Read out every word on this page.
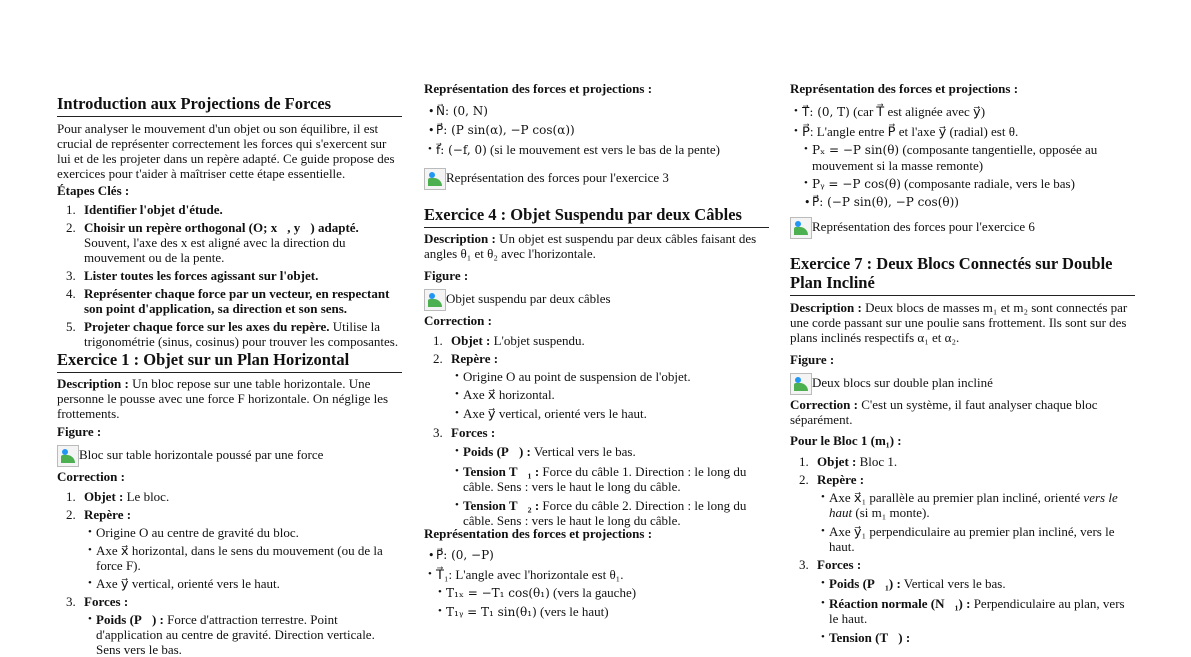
Introduction aux Projections de Forces

Pour analyser le mouvement d'un objet ou son équilibre, il est crucial de représenter correctement les forces qui s'exercent sur lui et de les projeter dans un repère adapté. Ce guide propose des exercices pour t'aider à maîtriser cette étape essentielle.

Étapes Clés :

1. Identifier l'objet d'étude.
2. Choisir un repère orthogonal (O; x⃗, y⃗) adapté. Souvent, l'axe des x est aligné avec la direction du mouvement ou de la pente.
3. Lister toutes les forces agissant sur l'objet.
4. Représenter chaque force par un vecteur, en respectant son point d'application, sa direction et son sens.
5. Projeter chaque force sur les axes du repère. Utilise la trigonométrie (sinus, cosinus) pour trouver les composantes.
Exercice 1 : Objet sur un Plan Horizontal

Description : Un bloc repose sur une table horizontale. Une personne le pousse avec une force F horizontale. On néglige les frottements.

Figure :

Bloc sur table horizontale poussé par une force

Correction :

1. Objet : Le bloc.
2. Repère :
• Origine O au centre de gravité du bloc.
• Axe x⃗ horizontal, dans le sens du mouvement (ou de la force F).
• Axe y⃗ vertical, orienté vers le haut.
3. Forces :
• Poids (P⃗) : Force d'attraction terrestre. Point d'application au centre de gravité. Direction verticale. Sens vers le bas.

Représentation des forces et projections :

• N⃗: (0, N)
• P⃗: (P sin(α), −P cos(α))
• f⃗: (−f, 0) (si le mouvement est vers le bas de la pente)
Représentation des forces pour l'exercice 3
Exercice 4 : Objet Suspendu par deux Câbles

Description : Un objet est suspendu par deux câbles faisant des angles θ₁ et θ₂ avec l'horizontale.

Figure :

Objet suspendu par deux câbles

Correction :

1. Objet : L'objet suspendu.
2. Repère :
• Origine O au point de suspension de l'objet.
• Axe x⃗ horizontal.
• Axe y⃗ vertical, orienté vers le haut.
3. Forces :
• Poids (P⃗) : Vertical vers le bas.
• Tension T⃗₁ : Force du câble 1. Direction : le long du câble. Sens : vers le haut le long du câble.
• Tension T⃗₂ : Force du câble 2. Direction : le long du câble. Sens : vers le haut le long du câble.

Représentation des forces et projections :

• P⃗: (0, −P)
• T⃗₁: L'angle avec l'horizontale est θ₁.
• T₁ₓ = −T₁ cos(θ₁) (vers la gauche)
• T₁ᵧ = T₁ sin(θ₁) (vers le haut)

Représentation des forces et projections :

• T⃗: (0, T) (car T⃗ est alignée avec y⃗)
• P⃗: L'angle entre P⃗ et l'axe y⃗ (radial) est θ.
• Pₓ = −P sin(θ) (composante tangentielle, opposée au mouvement si la masse remonte)
• Pᵧ = −P cos(θ) (composante radiale, vers le bas)
• P⃗: (−P sin(θ), −P cos(θ))
Représentation des forces pour l'exercice 6
Exercice 7 : Deux Blocs Connectés sur Double Plan Incliné

Description : Deux blocs de masses m₁ et m₂ sont connectés par une corde passant sur une poulie sans frottement. Ils sont sur des plans inclinés respectifs α₁ et α₂.

Figure :

Deux blocs sur double plan incliné

Correction : C'est un système, il faut analyser chaque bloc séparément.

Pour le Bloc 1 (m₁) :

1. Objet : Bloc 1.
2. Repère :
• Axe x⃗₁ parallèle au premier plan incliné, orienté vers le haut (si m₁ monte).
• Axe y⃗₁ perpendiculaire au premier plan incliné, vers le haut.
3. Forces :
• Poids (P⃗₁) : Vertical vers le bas.
• Réaction normale (N⃗₁) : Perpendiculaire au plan, vers le haut.
• Tension (T⃗) :
